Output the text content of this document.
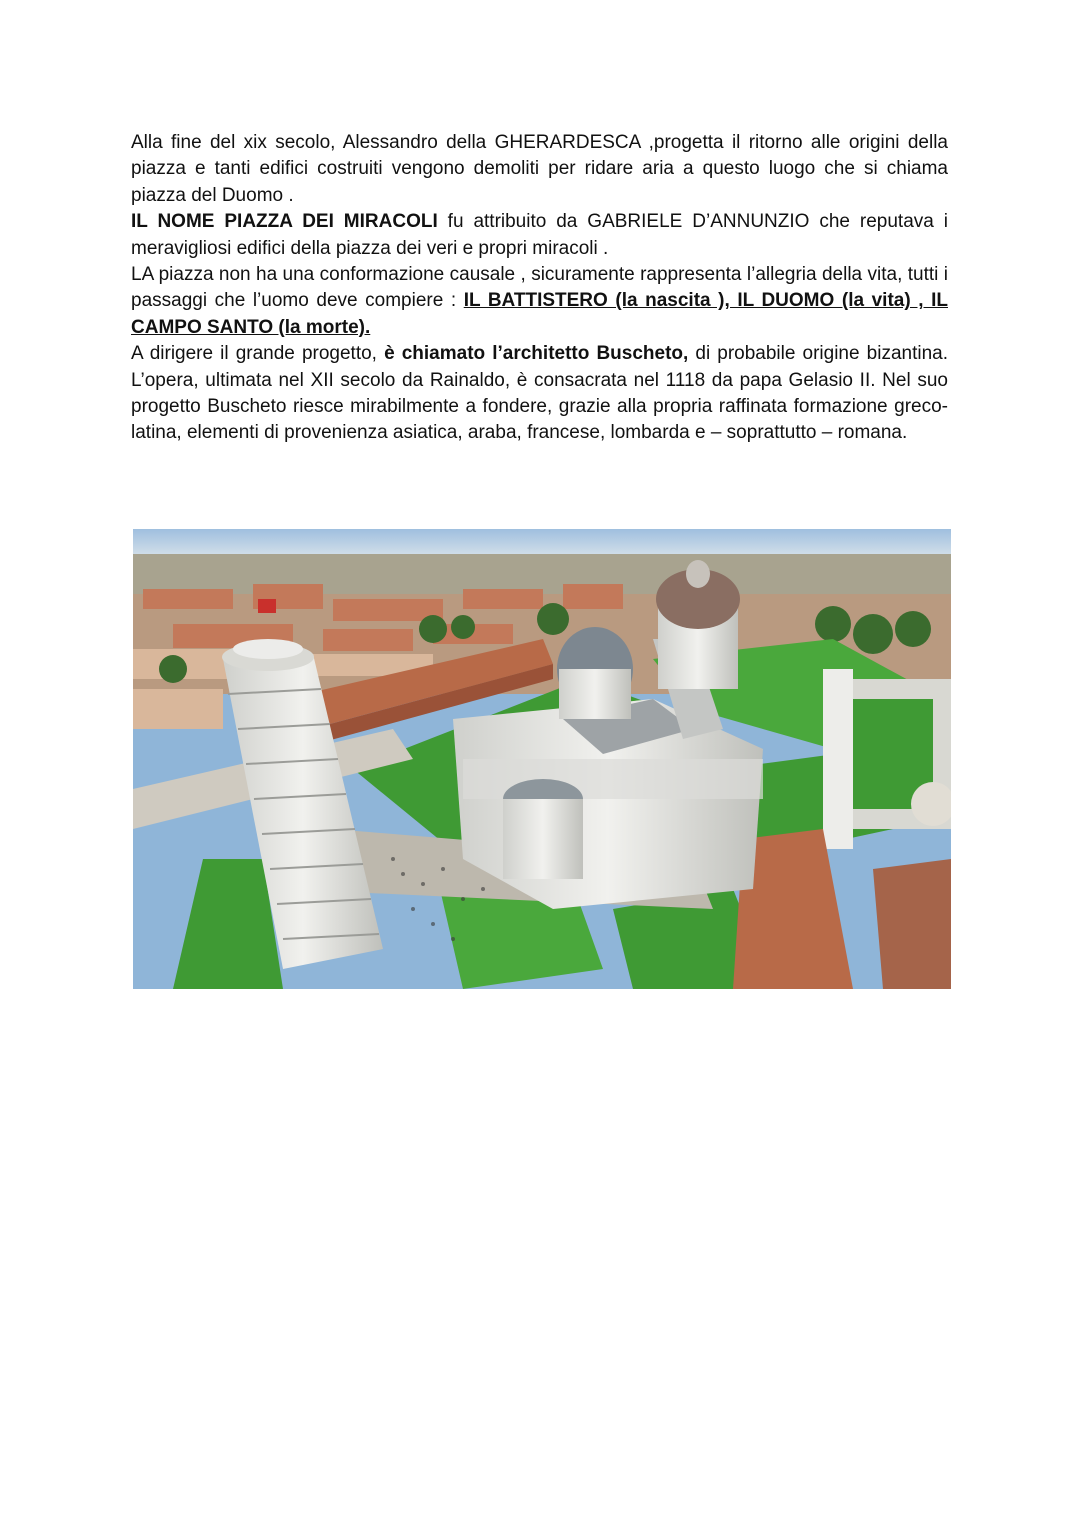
Alla fine del xix secolo, Alessandro della GHERARDESCA ,progetta il ritorno alle origini della piazza e tanti edifici costruiti vengono demoliti per ridare aria a questo luogo che si chiama piazza del Duomo .

IL NOME PIAZZA DEI MIRACOLI fu attribuito da GABRIELE D’ANNUNZIO che reputava i meravigliosi edifici della piazza dei veri e propri miracoli .

LA piazza non ha una conformazione causale , sicuramente rappresenta l’allegria della vita, tutti i passaggi che l’uomo deve compiere : IL BATTISTERO (la nascita ), IL DUOMO (la vita) , IL CAMPO SANTO (la morte).

A dirigere il grande progetto, è chiamato l’architetto Buscheto, di probabile origine bizantina. L’opera, ultimata nel XII secolo da Rainaldo, è consacrata nel 1118 da papa Gelasio II. Nel suo progetto Buscheto riesce mirabilmente a fondere, grazie alla propria raffinata formazione greco-latina, elementi di provenienza asiatica, araba, francese, lombarda e – soprattutto – romana.
